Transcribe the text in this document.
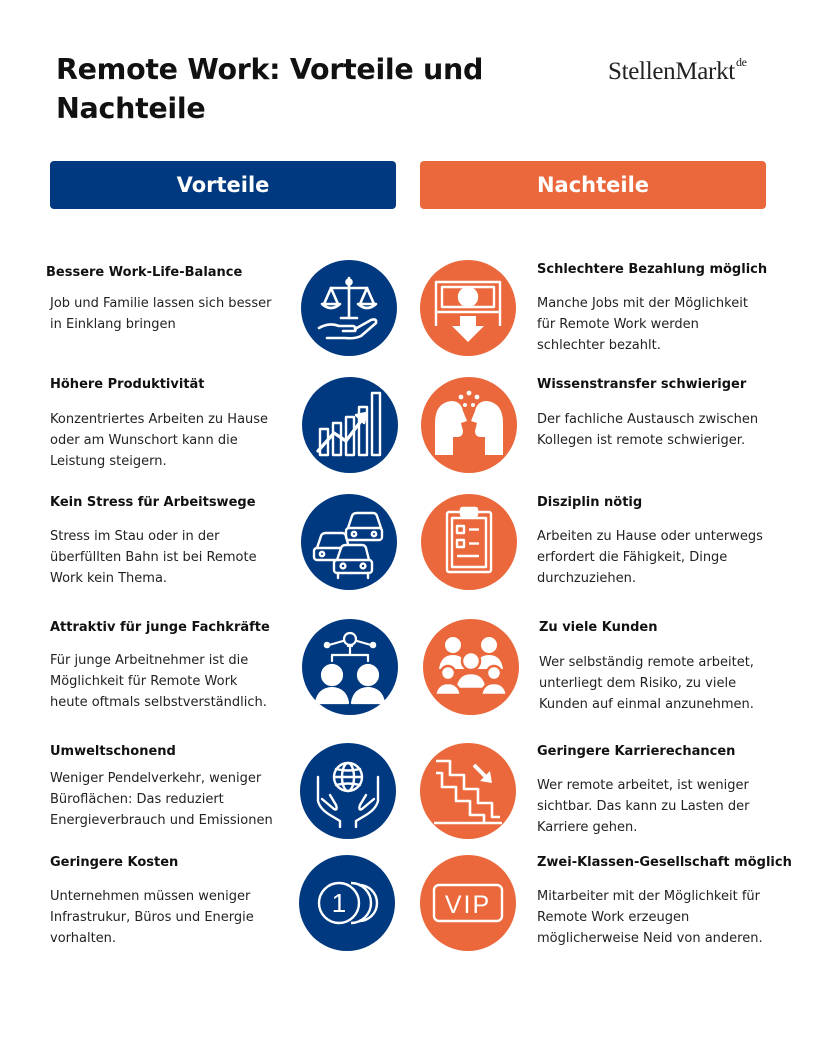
Remote Work: Vorteile und
Nachteile
StellenMarkt$^{de}$
Vorteile	Nachteile
Bessere Work-Life-Balance
Job und Familie lassen sich besser
in Einklang bringen
Höhere Produktivität
Konzentriertes Arbeiten zu Hause
oder am Wunschort kann die
Leistung steigern.
Kein Stress für Arbeitswege
Stress im Stau oder in der
überfüllten Bahn ist bei Remote
Work kein Thema.
Attraktiv für junge Fachkräfte
Für junge Arbeitnehmer ist die
Möglichkeit für Remote Work
heute oftmals selbstverständlich.
Umweltschonend
Weniger Pendelverkehr, weniger
Büroflächen: Das reduziert
Energieverbrauch und Emissionen
Geringere Kosten
Unternehmen müssen weniger
Infrastrukur, Büros und Energie
vorhalten.
1
Schlechtere Bezahlung möglich
Manche Jobs mit der Möglichkeit
für Remote Work werden
schlechter bezahlt.
Wissenstransfer schwieriger
Der fachliche Austausch zwischen
Kollegen ist remote schwieriger.
Disziplin nötig
Arbeiten zu Hause oder unterwegs
erfordert die Fähigkeit, Dinge
durchzuziehen.
Zu viele Kunden
Wer selbständig remote arbeitet,
unterliegt dem Risiko, zu viele
Kunden auf einmal anzunehmen.
Geringere Karrierechancen
Wer remote arbeitet, ist weniger
sichtbar. Das kann zu Lasten der
Karriere gehen.
Zwei-Klassen-Gesellschaft möglich
Mitarbeiter mit der Möglichkeit für
Remote Work erzeugen
möglicherweise Neid von anderen.
VIP
